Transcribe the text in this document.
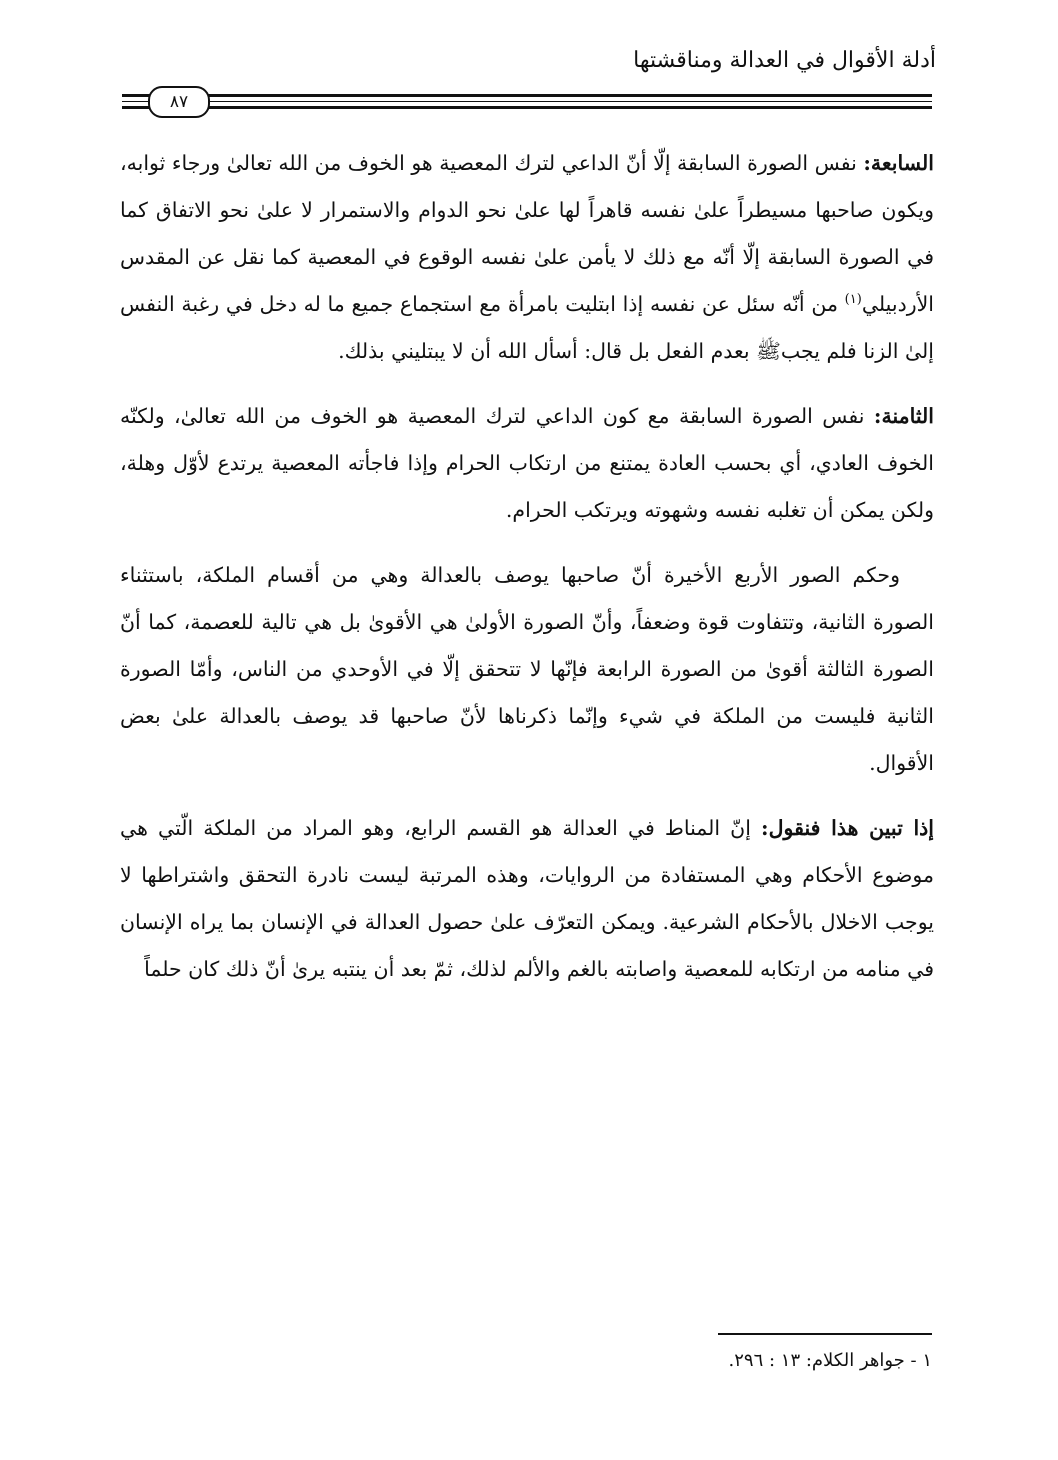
أدلة الأقوال في العدالة ومناقشتها
٨٧

السابعة: نفس الصورة السابقة إلّا أنّ الداعي لترك المعصية هو الخوف من الله تعالىٰ ورجاء ثوابه، ويكون صاحبها مسيطراً علىٰ نفسه قاهراً لها علىٰ نحو الدوام والاستمرار لا علىٰ نحو الاتفاق كما في الصورة السابقة إلّا أنّه مع ذلك لا يأمن علىٰ نفسه الوقوع في المعصية كما نقل عن المقدس الأردبيلي$^{(١)}$ من أنّه سئل عن نفسه إذا ابتليت بامرأة مع استجماع جميع ما له دخل في رغبة النفس إلىٰ الزنا فلم يجبﷺ بعدم الفعل بل قال: أسأل الله أن لا يبتليني بذلك.

الثامنة: نفس الصورة السابقة مع كون الداعي لترك المعصية هو الخوف من الله تعالىٰ، ولكنّه الخوف العادي، أي بحسب العادة يمتنع من ارتكاب الحرام وإذا فاجأته المعصية يرتدع لأوّل وهلة، ولكن يمكن أن تغلبه نفسه وشهوته ويرتكب الحرام.

وحكم الصور الأربع الأخيرة أنّ صاحبها يوصف بالعدالة وهي من أقسام الملكة، باستثناء الصورة الثانية، وتتفاوت قوة وضعفاً، وأنّ الصورة الأولىٰ هي الأقوىٰ بل هي تالية للعصمة، كما أنّ الصورة الثالثة أقوىٰ من الصورة الرابعة فإنّها لا تتحقق إلّا في الأوحدي من الناس، وأمّا الصورة الثانية فليست من الملكة في شيء وإنّما ذكرناها لأنّ صاحبها قد يوصف بالعدالة علىٰ بعض الأقوال.

إذا تبين هذا فنقول: إنّ المناط في العدالة هو القسم الرابع، وهو المراد من الملكة الّتي هي موضوع الأحكام وهي المستفادة من الروايات، وهذه المرتبة ليست نادرة التحقق واشتراطها لا يوجب الاخلال بالأحكام الشرعية. ويمكن التعرّف علىٰ حصول العدالة في الإنسان بما يراه الإنسان في منامه من ارتكابه للمعصية واصابته بالغم والألم لذلك، ثمّ بعد أن ينتبه يرىٰ أنّ ذلك كان حلماً

١ - جواهر الكلام: ١٣ : ٢٩٦.
